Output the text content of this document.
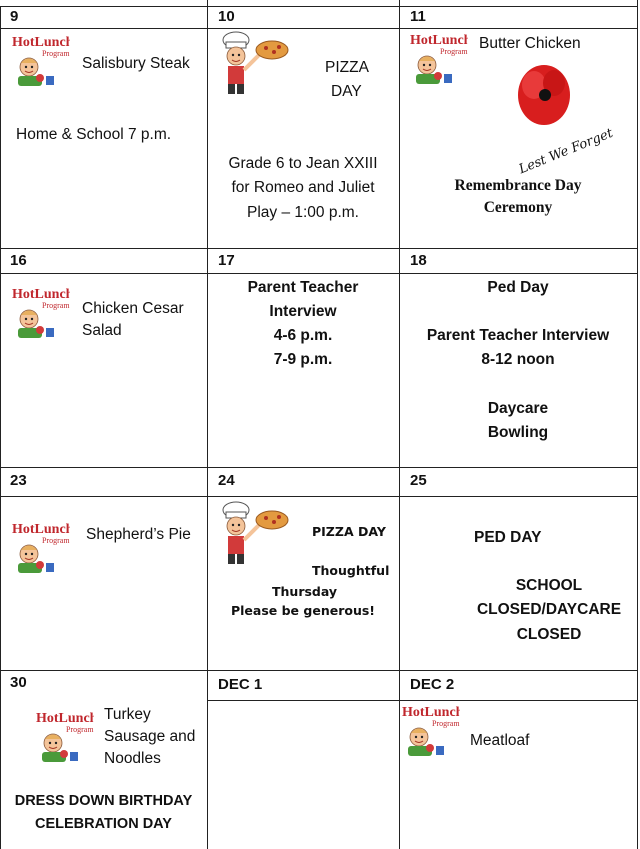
9
HotLunch
Program
Salisbury Steak
Home & School 7 p.m.
10
PIZZA
DAY
Grade 6 to Jean XXIII
for Romeo and Juliet
Play – 1:00 p.m.
11
HotLunch
Program Butter Chicken
Lest We Forget
Remembrance Day
Ceremony
16
HotLunch
Program Chicken Cesar
Salad
17
Parent Teacher
Interview
4-6 p.m.
7-9 p.m.
18
Ped Day
Parent Teacher Interview
8-12 noon
Daycare
Bowling
23
HotLunch
Program Shepherd’s Pie
24
PIZZA DAY
Thoughtful
Thursday
Please be generous!
25
PED DAY
SCHOOL
CLOSED/DAYCARE
CLOSED
30
HotLunch
Program
Turkey
Sausage and
Noodles
DRESS DOWN BIRTHDAY
CELEBRATION DAY
DEC 1	DEC 2
HotLunch
Program
Meatloaf
